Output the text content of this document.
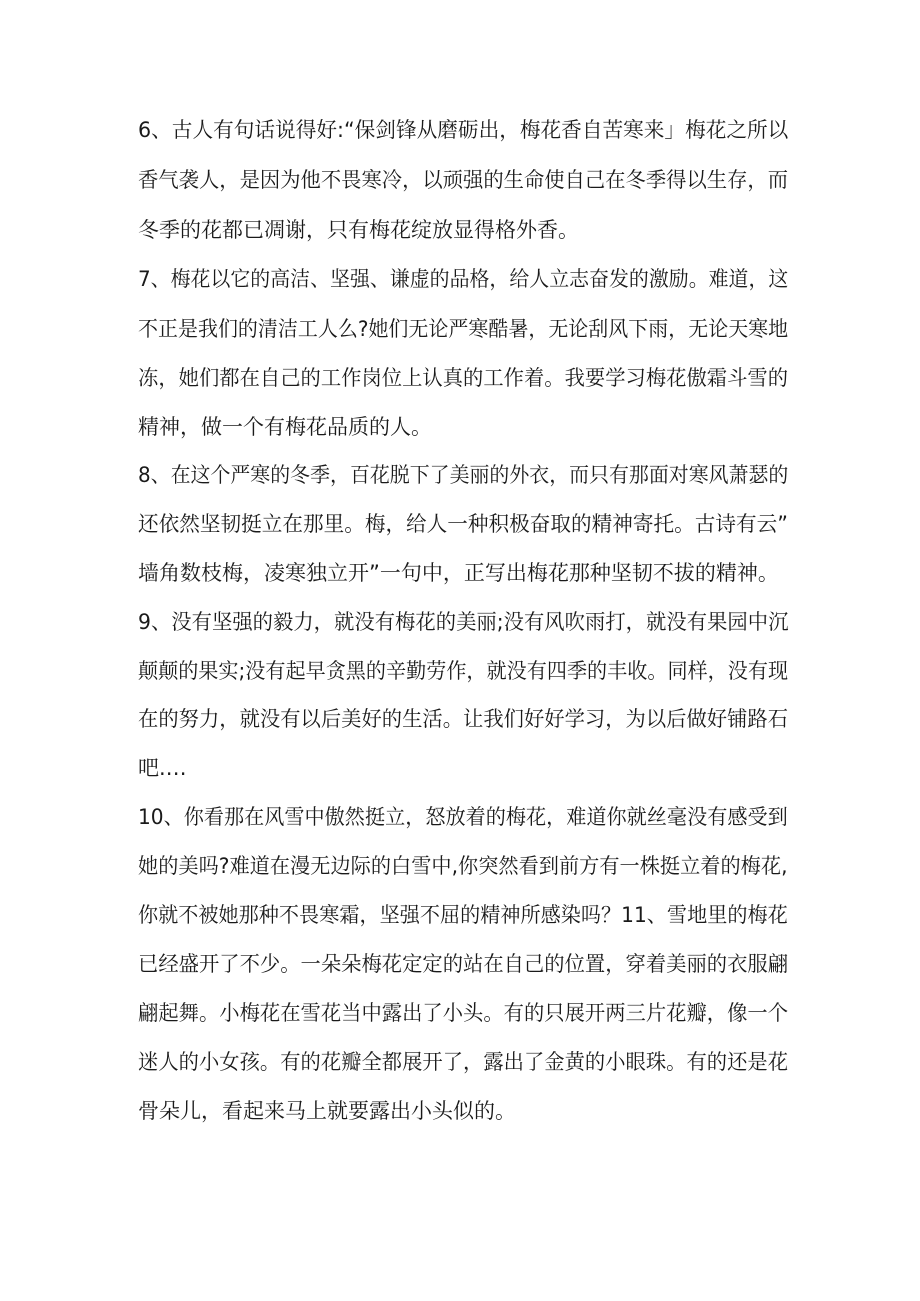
6、古人有句话说得好:“保剑锋从磨砺出，梅花香自苦寒来」梅花之所以
香气袭人，是因为他不畏寒冷，以顽强的生命使自己在冬季得以生存，而
冬季的花都已凋谢，只有梅花绽放显得格外香。
7、梅花以它的高洁、坚强、谦虚的品格，给人立志奋发的激励。难道，这
不正是我们的清洁工人么?她们无论严寒酷暑，无论刮风下雨，无论天寒地
冻，她们都在自己的工作岗位上认真的工作着。我要学习梅花傲霜斗雪的
精神，做一个有梅花品质的人。
8、在这个严寒的冬季，百花脱下了美丽的外衣，而只有那面对寒风萧瑟的
还依然坚韧挺立在那里。梅，给人一种积极奋取的精神寄托。古诗有云”
墙角数枝梅，凌寒独立开”一句中，正写出梅花那种坚韧不拔的精神。
9、没有坚强的毅力，就没有梅花的美丽;没有风吹雨打，就没有果园中沉
颠颠的果实;没有起早贪黑的辛勤劳作，就没有四季的丰收。同样，没有现
在的努力，就没有以后美好的生活。让我们好好学习，为以后做好铺路石
吧.…
10、你看那在风雪中傲然挺立，怒放着的梅花，难道你就丝毫没有感受到
她的美吗?难道在漫无边际的白雪中,你突然看到前方有一株挺立着的梅花,
你就不被她那种不畏寒霜，坚强不屈的精神所感染吗？11、雪地里的梅花
已经盛开了不少。一朵朵梅花定定的站在自己的位置，穿着美丽的衣服翩
翩起舞。小梅花在雪花当中露出了小头。有的只展开两三片花瓣，像一个
迷人的小女孩。有的花瓣全都展开了，露出了金黄的小眼珠。有的还是花
骨朵儿，看起来马上就要露出小头似的。
